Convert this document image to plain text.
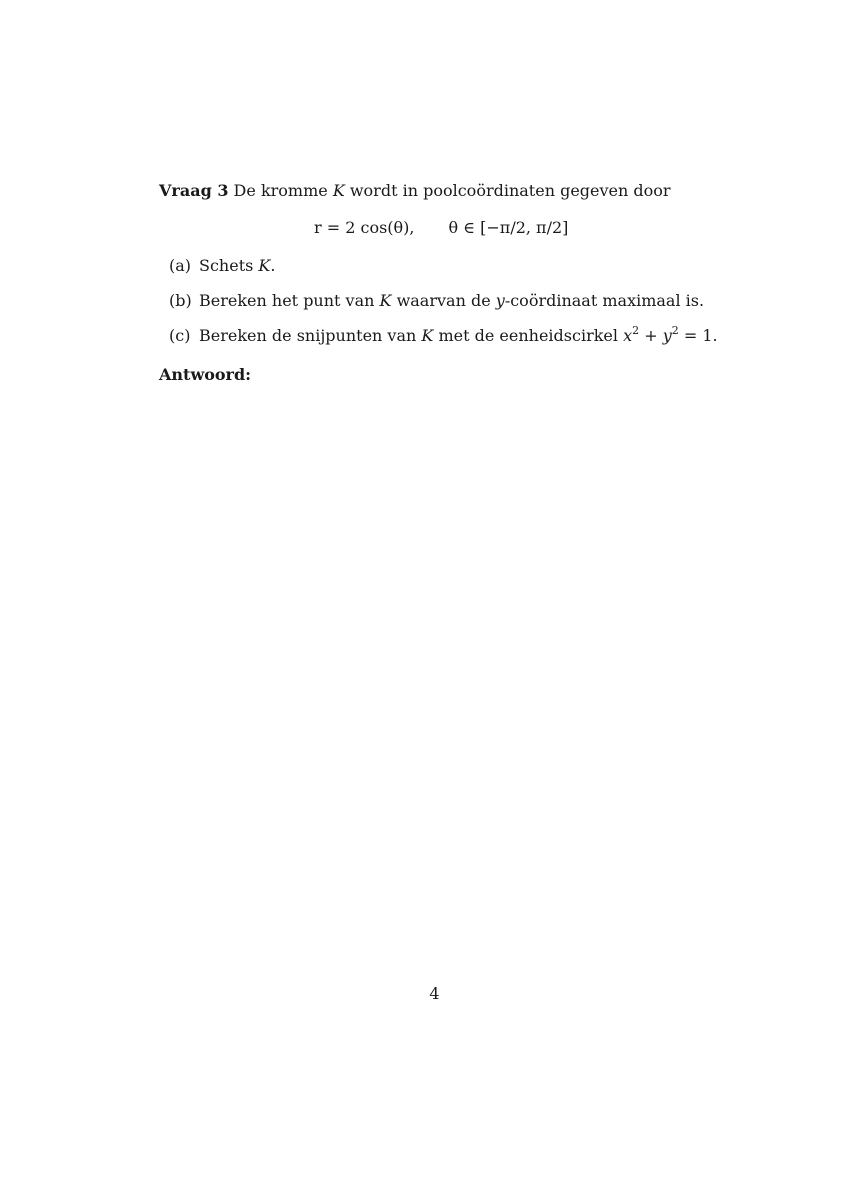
Vraag 3 De kromme K wordt in poolcoördinaten gegeven door
r = 2 cos(θ), θ ∈ [−π/2, π/2]
(a) Schets K.
(b) Bereken het punt van K waarvan de y-coördinaat maximaal is.
(c) Bereken de snijpunten van K met de eenheidscirkel $x^2 + y^2 = 1$.
Antwoord:
4
